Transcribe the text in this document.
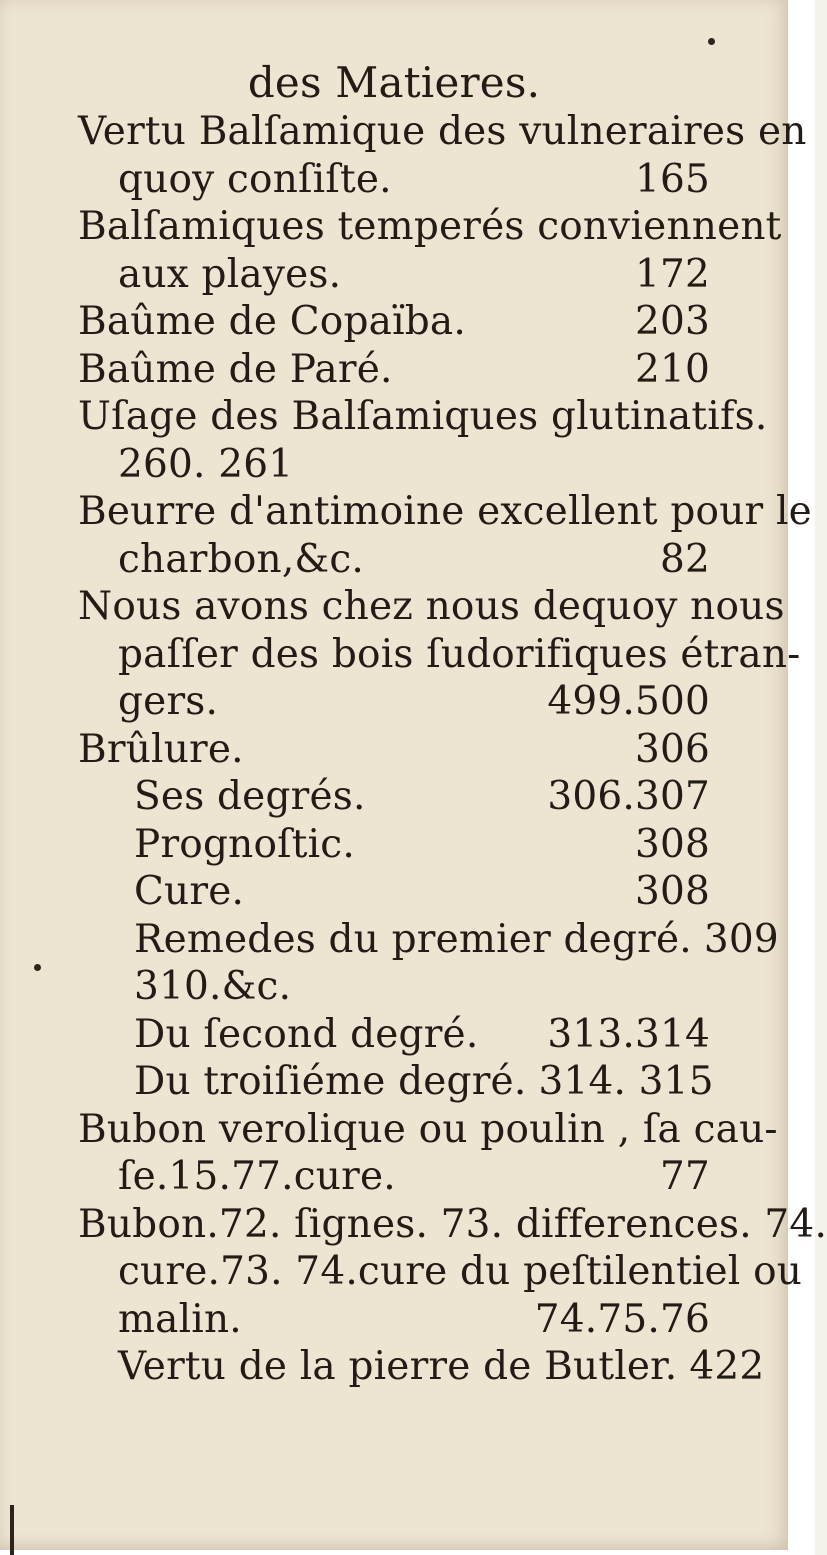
des Matieres.
Vertu Balſamique des vulneraires en
quoy conſiſte.	165
Balſamiques temperés conviennent
aux playes.	172
Baûme de Copaïba.	203
Baûme de Paré.	210
Uſage des Balſamiques glutinatifs.
260. 261
Beurre d'antimoine excellent pour le
charbon,&c.	82
Nous avons chez nous dequoy nous
paſſer des bois ſudorifiques étran-
gers.	499.500
Brûlure.	306
Ses degrés.	306.307
Prognoſtic.	308
Cure.	308
Remedes du premier degré. 309
310.&c.
Du ſecond degré.	313.314
Du troiſiéme degré. 314. 315
Bubon verolique ou poulin , ſa cau-
ſe.15.77.cure.	77
Bubon.72. ſignes. 73. differences. 74.
cure.73. 74.cure du peſtilentiel ou
malin.	74.75.76
Vertu de la pierre de Butler. 422
